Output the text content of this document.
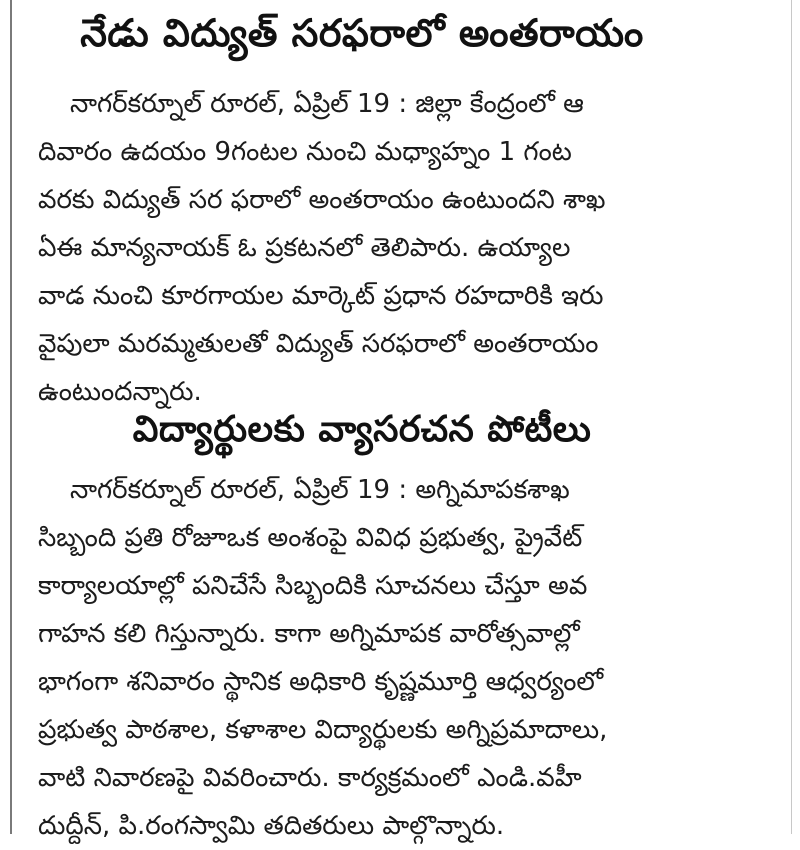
నేడు విద్యుత్ సరఫరాలో అంతరాయం
నాగర్‌కర్నూల్ రూరల్, ఏప్రిల్ 19 : జిల్లా కేంద్రంలో ఆ
దివారం ఉదయం 9గంటల నుంచి మధ్యాహ్నం 1 గంట
వరకు విద్యుత్ సర ఫరాలో అంతరాయం ఉంటుందని శాఖ
ఏఈ మాన్యనాయక్ ఓ ప్రకటనలో తెలిపారు. ఉయ్యాల
వాడ నుంచి కూరగాయల మార్కెట్ ప్రధాన రహదారికి ఇరు
వైపులా మరమ్మతులతో విద్యుత్ సరఫరాలో అంతరాయం
ఉంటుందన్నారు.
విద్యార్థులకు వ్యాసరచన పోటీలు
నాగర్‌కర్నూల్ రూరల్, ఏప్రిల్ 19 : అగ్నిమాపకశాఖ
సిబ్బంది ప్రతి రోజూఒక అంశంపై వివిధ ప్రభుత్వ, ప్రైవేట్
కార్యాలయాల్లో పనిచేసే సిబ్బందికి సూచనలు చేస్తూ అవ
గాహన కలి గిస్తున్నారు. కాగా అగ్నిమాపక వారోత్సవాల్లో
భాగంగా శనివారం స్థానిక అధికారి కృష్ణమూర్తి ఆధ్వర్యంలో
ప్రభుత్వ పాఠశాల, కళాశాల విద్యార్థులకు అగ్నిప్రమాదాలు,
వాటి నివారణపై వివరించారు. కార్యక్రమంలో ఎండి.వహీ
దుద్దీన్, పి.రంగస్వామి తదితరులు పాల్గొన్నారు.
